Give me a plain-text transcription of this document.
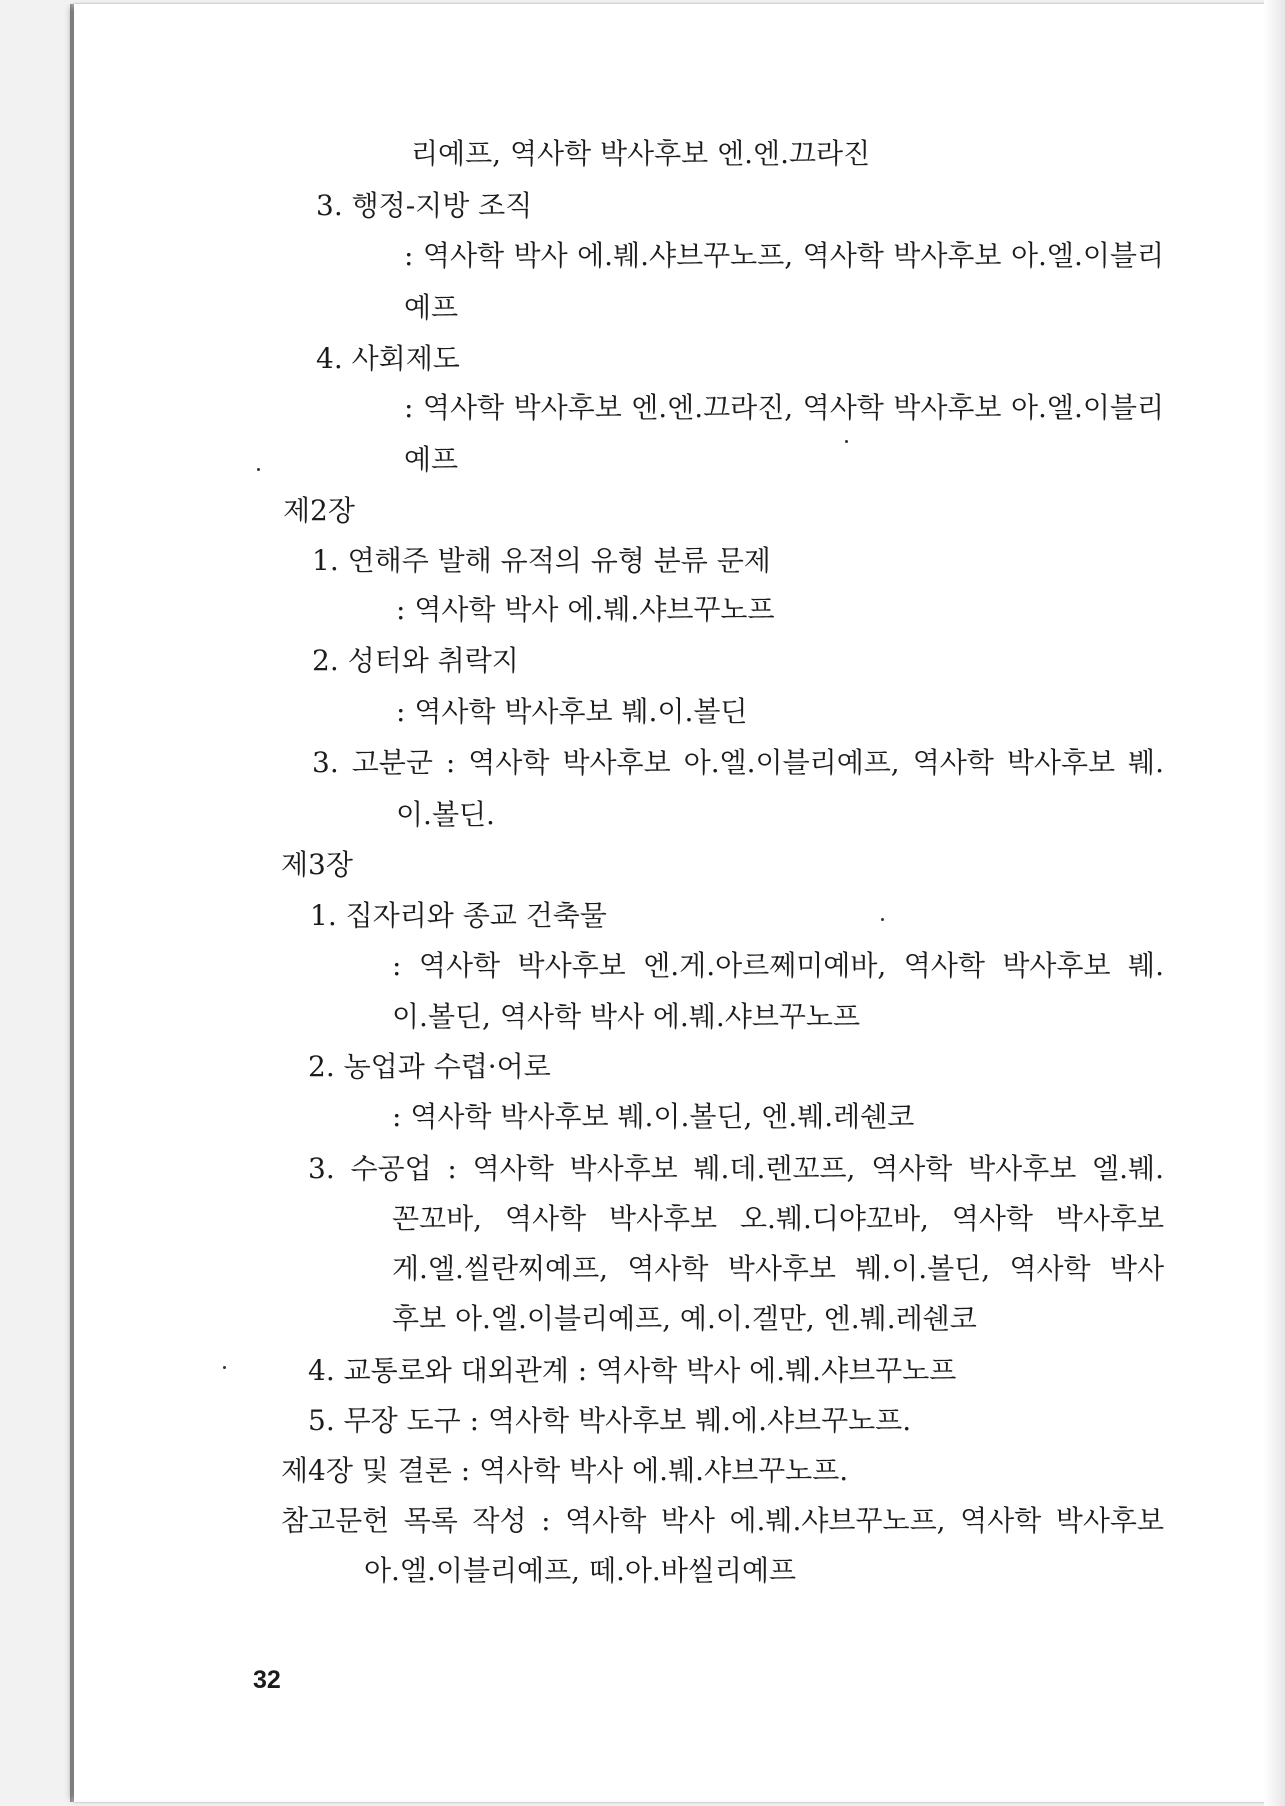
리예프, 역사학 박사후보 엔.엔.끄라진
3. 행정-지방 조직
: 역사학 박사 에.붸.샤브꾸노프, 역사학 박사후보 아.엘.이블리
예프
4. 사회제도
: 역사학 박사후보 엔.엔.끄라진, 역사학 박사후보 아.엘.이블리
예프
제2장
1. 연해주 발해 유적의 유형 분류 문제
: 역사학 박사 에.붸.샤브꾸노프
2. 성터와 취락지
: 역사학 박사후보 붸.이.볼딘
3. 고분군 : 역사학 박사후보 아.엘.이블리예프, 역사학 박사후보 붸.
이.볼딘.
제3장
1. 집자리와 종교 건축물
: 역사학 박사후보 엔.게.아르쩨미예바, 역사학 박사후보 붸.
이.볼딘, 역사학 박사 에.붸.샤브꾸노프
2. 농업과 수렵·어로
: 역사학 박사후보 붸.이.볼딘, 엔.붸.레쉔코
3. 수공업 : 역사학 박사후보 붸.데.렌꼬프, 역사학 박사후보 엘.붸.
꼰꼬바, 역사학 박사후보 오.붸.디야꼬바, 역사학 박사후보
게.엘.씰란찌예프, 역사학 박사후보 붸.이.볼딘, 역사학 박사
후보 아.엘.이블리예프, 예.이.겔만, 엔.붸.레쉔코
4. 교통로와 대외관계 : 역사학 박사 에.붸.샤브꾸노프
5. 무장 도구 : 역사학 박사후보 붸.에.샤브꾸노프.
제4장 및 결론 : 역사학 박사 에.붸.샤브꾸노프.
참고문헌 목록 작성 : 역사학 박사 에.붸.샤브꾸노프, 역사학 박사후보
아.엘.이블리예프, 떼.아.바씰리예프
32
